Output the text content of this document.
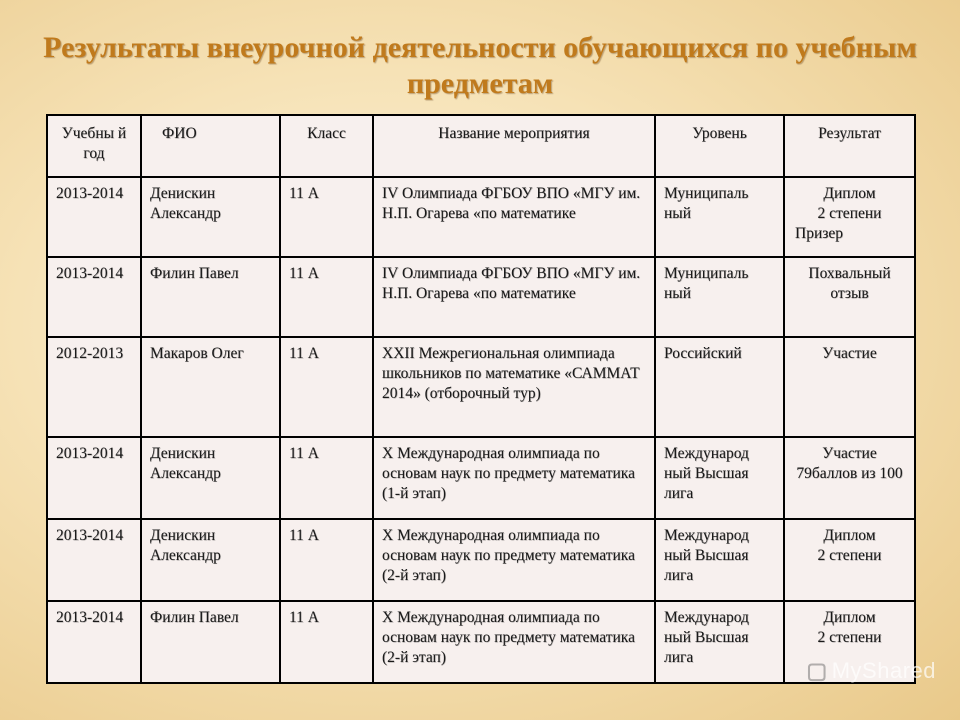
Результаты внеурочной деятельности обучающихся по учебным предметам
Учебны й год	ФИО	Класс	Название мероприятия	Уровень	Результат
2013-2014	Денискин Александр	11 А	IV Олимпиада ФГБОУ ВПО «МГУ им. Н.П. Огарева «по математике	Муниципаль ный	Диплом
2 степени
Призер

2013-2014	Филин Павел	11 А	IV Олимпиада ФГБОУ ВПО «МГУ им. Н.П. Огарева «по математике	Муниципаль ный	Похвальный отзыв

2012-2013	Макаров Олег	11 А	XXII Межрегиональная олимпиада школьников по математике «САММАТ 2014» (отборочный тур)	Российский	Участие

2013-2014	Денискин Александр	11 А	X Международная олимпиада по основам наук по предмету математика (1-й этап)	Международ ный Высшая лига	Участие
79баллов из 100

2013-2014	Денискин Александр	11 А	X Международная олимпиада по основам наук по предмету математика (2-й этап)	Международ ный Высшая лига	Диплом
2 степени

2013-2014	Филин Павел	11 А	X Международная олимпиада по основам наук по предмету математика (2-й этап)	Международ ный Высшая лига	Диплом
2 степени
▢ MyShared
